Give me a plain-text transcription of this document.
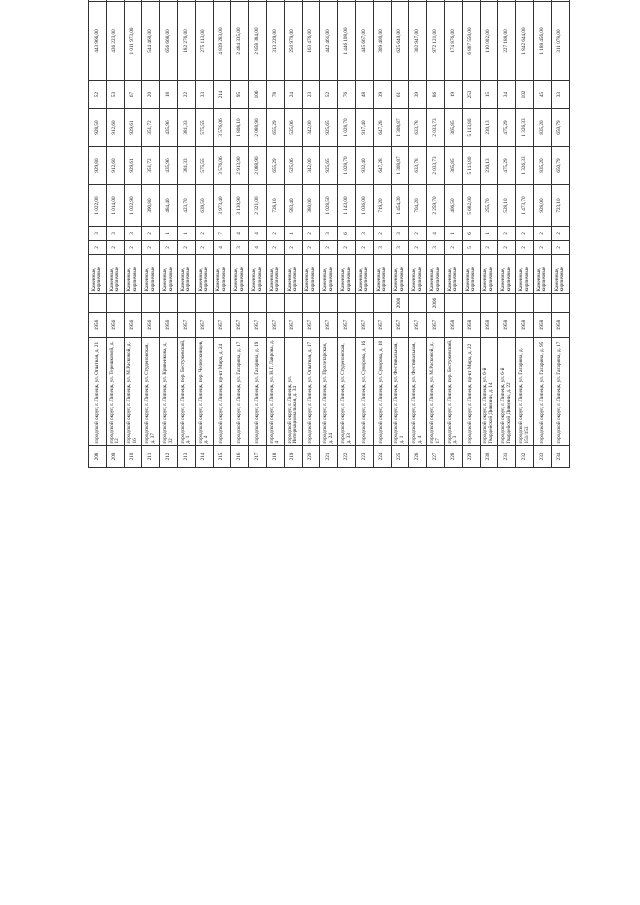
208	городской округ, г. Липецк, ул. Опытная, д. 21	1956		Каменные, кирпичные	2	3	1 022,00	929,80	928,50	52	443 966,00							
209	городской округ, г. Липецк, ул. Терешковой, д. 12	1956		Каменные, кирпичные	2	3	1 014,00	912,60	912,60	53	436 223,00							
210	городской округ, г. Липецк, ул. М.Расковой, д. 16	1956		Каменные, кирпичные	2	3	1 032,90	929,61	929,61	67	1 011 973,00							
211	городской округ, г. Липецк, ул. Студеновская, д. 37	1956		Каменные, кирпичные	2	2	390,80	351,72	351,72	20	544 460,00							
212	городской округ, г. Липецк, ул. Кривенкова, д. 32	1956		Каменные, кирпичные	2	1	484,40	435,96	435,96	18	656 668,00							
213	городской округ, г. Липецк, пер. Бестужевский, д. 1	1957		Каменные, кирпичные	2	1	423,70	381,33	381,33	22	182 276,00							
214	городской округ, г. Липецк, пер. Челюскинцев, д. 4	1957		Каменные, кирпичные	2	2	639,50	575,55	575,55	33	275 113,00							
215	городской округ, г. Липецк, пр-кт Мира, д. 24	1957		Каменные, кирпичные	4	7	3 973,40	3 576,06	3 576,06	214	4 839 283,00							
216	городской округ, г. Липецк, ул. Гагарина, д. 17	1957		Каменные, кирпичные	3	4	3 130,90	2 913,90	1 808,10	95	2 484 335,00							
217	городской округ, г. Липецк, ул. Гагарина, д. 19	1957		Каменные, кирпичные	4	4	2 321,00	2 088,90	2 088,90	106	2 858 384,00							
218	городской округ, г. Липецк, ул. Н.Г. Лаврова, д. 4	1957		Каменные, кирпичные	2	2	728,10	655,29	655,29	78	313 229,00							
219	городской округ, г. Липецк, ул. Интернациональная, д. 34	1957		Каменные, кирпичные	2	1	583,40	525,06	525,06	24	250 979,00							
220	городской округ, г. Липецк, ул. Опытная, д. 17	1957		Каменные, кирпичные	2	2	380,00	342,00	342,00	23	163 476,00							
221	городской округ, г. Липецк, ул. Пролетарская, д. 24	1957		Каменные, кирпичные	2	3	1 028,50	925,65	925,65	52	442 461,00							
222	городской округ, г. Липецк, ул. Студеновская, д. 33	1957		Каменные, кирпичные	2	6	1 143,00	1 028,70	1 028,70	76	1 446 108,00							
223	городской округ, г. Липецк, ул. Суворова, д. 16	1957		Каменные, кирпичные	2	3	1 036,00	932,40	917,40	48	445 667,00							
224	городской округ, г. Липецк, ул. Суворова, д. 18	1957		Каменные, кирпичные	3	2	719,20	647,28	647,28	39	309 400,00							
225	городской округ, г. Липецк, ул. Фестивальная, д. 1	1957	2008	Каменные, кирпичные	3	3	1 454,30	1 308,87	1 308,87	61	625 640,00							
226	городской округ, г. Липецк, ул. Фестивальная, д. 4	1957		Каменные, кирпичные	2	2	704,20	633,78	633,78	39	302 947,00							
227	городской округ, г. Липецк, ул. М.Расковой, д. 17	1957	2006	Каменные, кирпичные	3	4	2 259,70	2 033,73	2 033,73	86	972 121,00							
228	городской округ, г. Липецк, пер. Бестужевский, д. 3	1958		Каменные, кирпичные	2	1	406,50	365,85	365,85	19	174 876,00							
229	городской округ, г. Липецк, пр-кт Мира, д. 22	1958		Каменные, кирпичные	5	6	5 682,00	5 113,80	5 113,80	253	6 887 550,00							
230	городской округ, г. Липецк, ул. 6-й Гвардейской Дивизии, д. 14	1958		Каменные, кирпичные	2	1	255,70	230,13	230,13	15	110 002,00							
231	городской округ, г. Липецк, ул. 6-й Гвардейской Дивизии, д. 22	1958		Каменные, кирпичные	2	2	528,10	475,29	475,29	34	227 188,00							
232	городской округ, г. Липецк, ул. Гагарина, д. 151/153	1958		Каменные, кирпичные	2	2	1 473,70	1 326,33	1 326,33	102	1 842 644,00							
233	городской округ, г. Липецк, ул. Гагарина, д. 95	1958		Каменные, кирпичные	2	2	928,00	835,20	835,20	45	1 188 456,00							
234	городской округ, г. Липецк, ул. Гагарина, д. 17	1958		Каменные, кирпичные	2	2	723,10	650,79	650,79	33	311 078,00							
